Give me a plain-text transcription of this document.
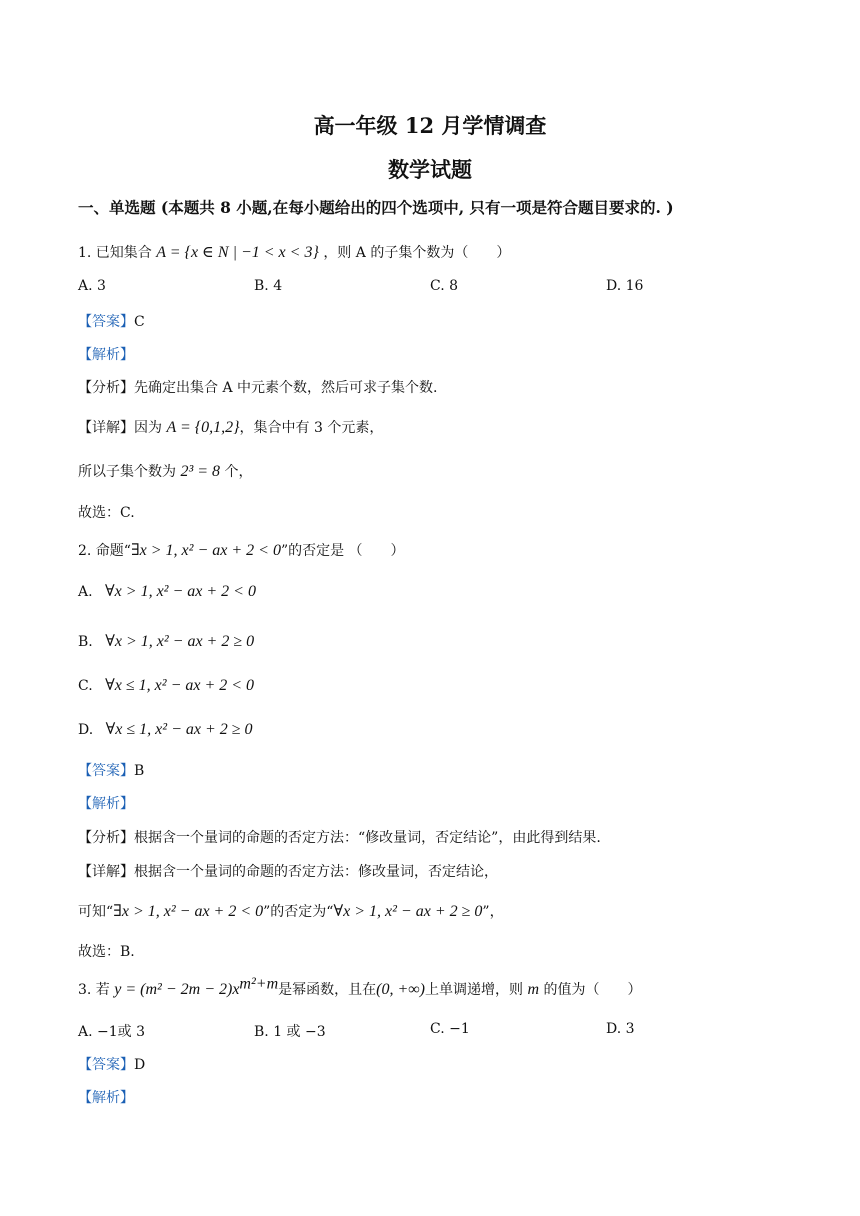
高一年级 12 月学情调查
数学试题
一、单选题 (本题共 8 小题,在每小题给出的四个选项中, 只有一项是符合题目要求的. )
1. 已知集合 A = {x ∈ N | −1 < x < 3} ，则 A 的子集个数为（　　）
A. 3	B. 4	C. 8	D. 16
【答案】C
【解析】
【分析】先确定出集合 A 中元素个数，然后可求子集个数.
【详解】因为 A = {0,1,2}，集合中有 3 个元素，
所以子集个数为 2³ = 8 个，
故选：C.
2. 命题“∃x > 1, x² − ax + 2 < 0”的否定是 （　　）
A. ∀x > 1, x² − ax + 2 < 0
B. ∀x > 1, x² − ax + 2 ≥ 0
C. ∀x ≤ 1, x² − ax + 2 < 0
D. ∀x ≤ 1, x² − ax + 2 ≥ 0
【答案】B
【解析】
【分析】根据含一个量词的命题的否定方法：“修改量词，否定结论”，由此得到结果.
【详解】根据含一个量词的命题的否定方法：修改量词，否定结论，
可知“∃x > 1, x² − ax + 2 < 0”的否定为“∀x > 1, x² − ax + 2 ≥ 0”，
故选：B.
3. 若 $y = (m^2 - 2m - 2)x^{m^2+m}$是幂函数，且在(0, +∞)上单调递增，则 m 的值为（　　）
A. −1或 3	B. 1 或 −3	C. −1	D. 3
【答案】D
【解析】
